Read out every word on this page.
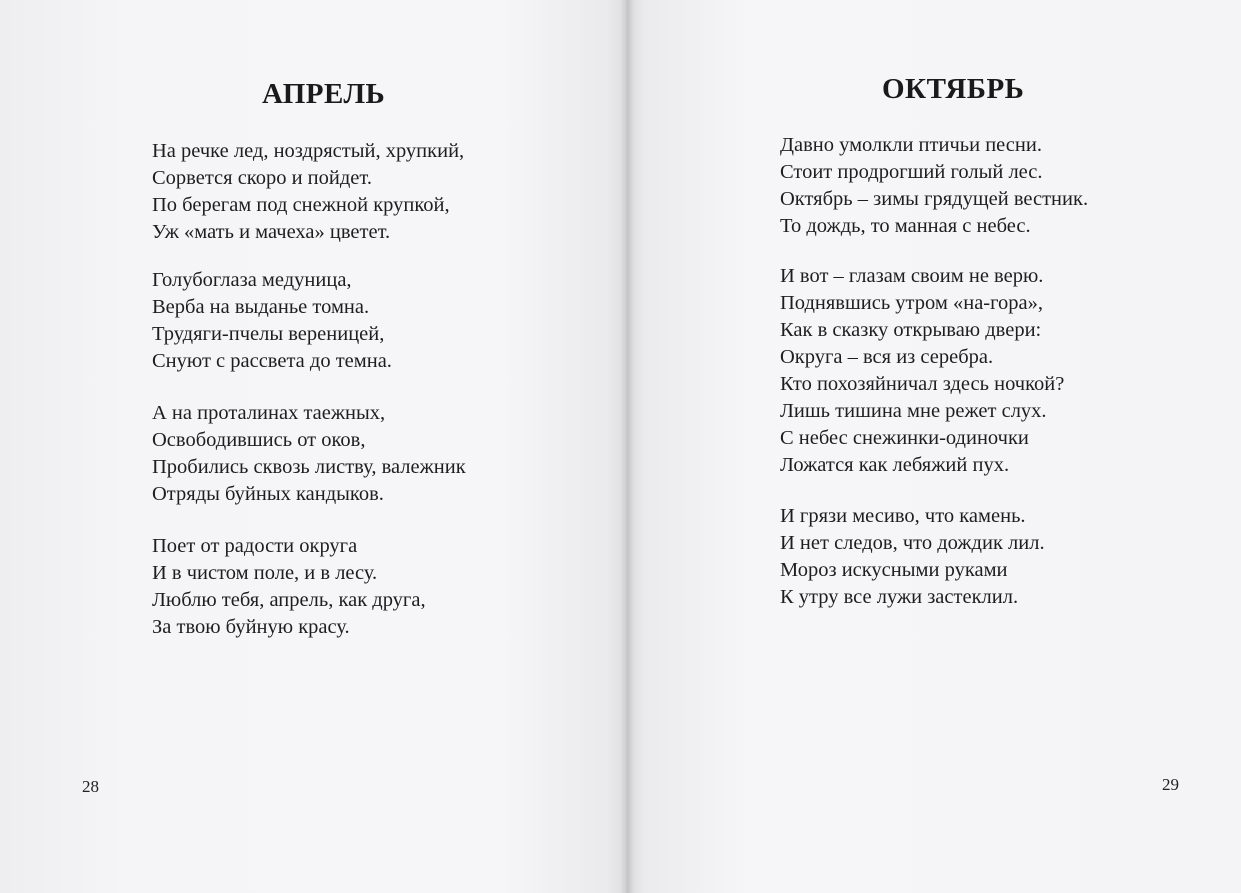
АПРЕЛЬ
На речке лед, ноздрястый, хрупкий,
Сорвется скоро и пойдет.
По берегам под снежной крупкой,
Уж «мать и мачеха» цветет.
Голубоглаза медуница,
Верба на выданье томна.
Трудяги-пчелы вереницей,
Снуют с рассвета до темна.
А на проталинах таежных,
Освободившись от оков,
Пробились сквозь листву, валежник
Отряды буйных кандыков.
Поет от радости округа
И в чистом поле, и в лесу.
Люблю тебя, апрель, как друга,
За твою буйную красу.
28
ОКТЯБРЬ
Давно умолкли птичьи песни.
Стоит продрогший голый лес.
Октябрь – зимы грядущей вестник.
То дождь, то манная с небес.
И вот – глазам своим не верю.
Поднявшись утром «на-гора»,
Как в сказку открываю двери:
Округа – вся из серебра.
Кто похозяйничал здесь ночкой?
Лишь тишина мне режет слух.
С небес снежинки-одиночки
Ложатся как лебяжий пух.
И грязи месиво, что камень.
И нет следов, что дождик лил.
Мороз искусными руками
К утру все лужи застеклил.
29
